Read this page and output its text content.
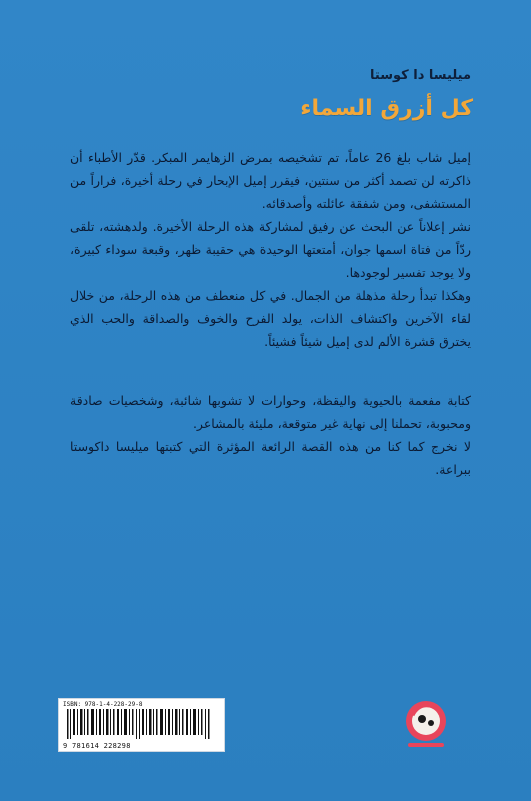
ميليسا دا كوستا
كل أزرق السماء

إميل شاب بلغ 26 عاماً، تم تشخيصه بمرض الزهايمر المبكر. قدّر الأطباء أن ذاكرته لن تصمد أكثر من سنتين، فيقرر إميل الإبحار في رحلة أخيرة، فراراً من المستشفى، ومن شفقة عائلته وأصدقائه.

نشر إعلاناً عن البحث عن رفيق لمشاركة هذه الرحلة الأخيرة. ولدهشته، تلقى ردّاً من فتاة اسمها جوان، أمتعتها الوحيدة هي حقيبة ظهر، وقبعة سوداء كبيرة، ولا يوجد تفسير لوجودها.

وهكذا تبدأ رحلة مذهلة من الجمال. في كل منعطف من هذه الرحلة، من خلال لقاء الآخرين واكتشاف الذات، يولد الفرح والخوف والصداقة والحب الذي يخترق قشرة الألم لدى إميل شيئاً فشيئاً.

كتابة مفعمة بالحيوية واليقظة، وحوارات لا تشوبها شائبة، وشخصيات صادقة ومحبوبة، تحملنا إلى نهاية غير متوقعة، مليئة بالمشاعر.

لا نخرج كما كنا من هذه القصة الرائعة المؤثرة التي كتبتها ميليسا داكوستا ببراعة.

ISBN: 978-1-4-228-29-8
9 781614 228298
